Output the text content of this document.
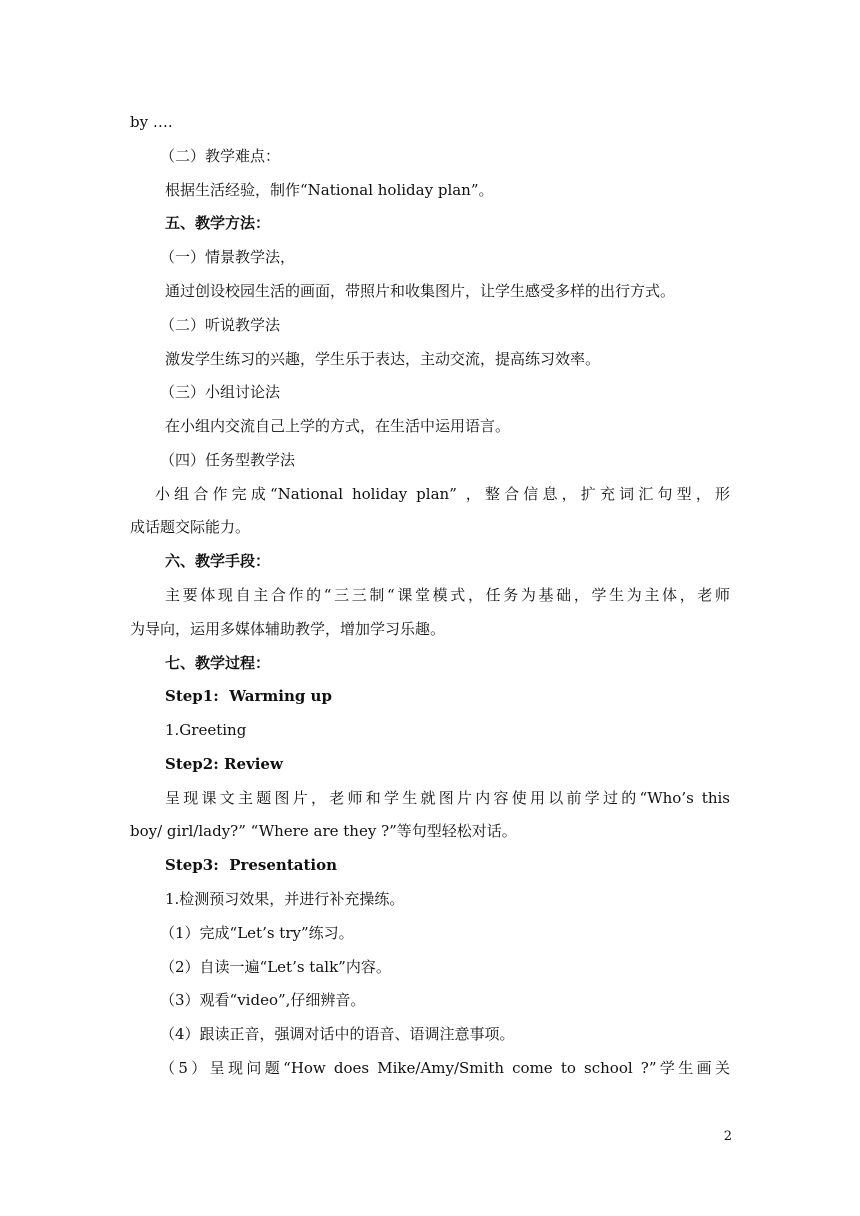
by ….
（二）教学难点：
根据生活经验，制作“National holiday plan”。
五、教学方法：
（一）情景教学法，
通过创设校园生活的画面，带照片和收集图片，让学生感受多样的出行方式。
（二）听说教学法
激发学生练习的兴趣，学生乐于表达，主动交流，提高练习效率。
（三）小组讨论法
在小组内交流自己上学的方式，在生活中运用语言。
（四）任务型教学法
小组合作完成“National holiday plan” ，整合信息，扩充词汇句型，形
成话题交际能力。
六、教学手段：
主要体现自主合作的“三三制“课堂模式，任务为基础，学生为主体，老师
为导向，运用多媒体辅助教学，增加学习乐趣。
七、教学过程：
Step1:  Warming up
1.Greeting
Step2: Review
呈现课文主题图片，老师和学生就图片内容使用以前学过的“Who’s this
boy/ girl/lady?” “Where are they ?”等句型轻松对话。
Step3:  Presentation
1.检测预习效果，并进行补充操练。
（1）完成“Let’s try”练习。
（2）自读一遍“Let’s talk”内容。
（3）观看“video”,仔细辨音。
（4）跟读正音，强调对话中的语音、语调注意事项。
（5）呈现问题“How does Mike/Amy/Smith come to school ?”学生画关
2
